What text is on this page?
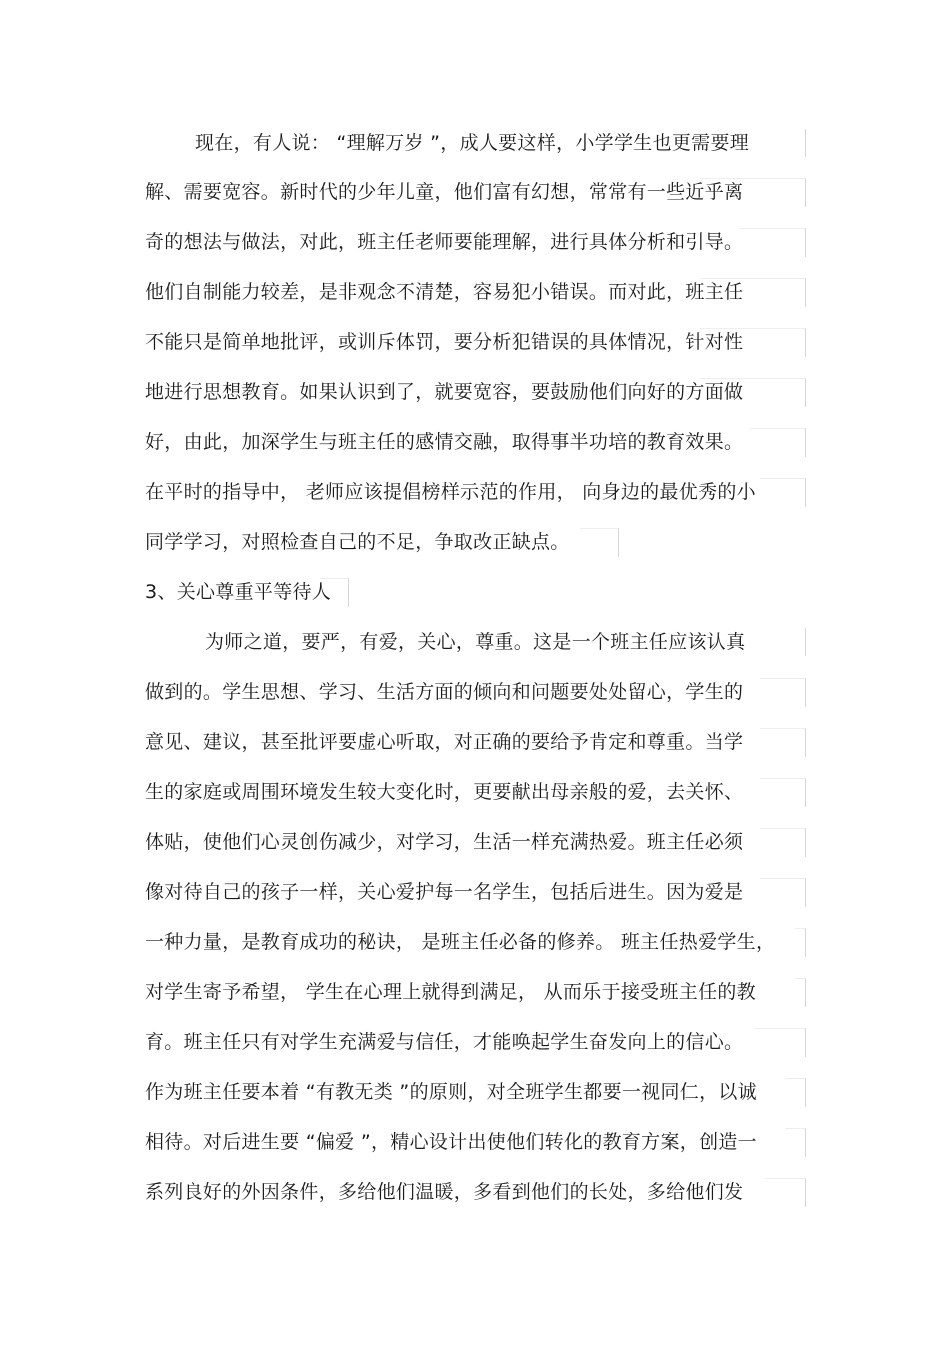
现在，有人说： “理解万岁 ”，成人要这样，小学学生也更需要理
解、需要宽容。新时代的少年儿童，他们富有幻想，常常有一些近乎离
奇的想法与做法，对此，班主任老师要能理解，进行具体分析和引导。
他们自制能力较差，是非观念不清楚，容易犯小错误。而对此，班主任
不能只是简单地批评，或训斥体罚，要分析犯错误的具体情况，针对性
地进行思想教育。如果认识到了，就要宽容，要鼓励他们向好的方面做
好，由此，加深学生与班主任的感情交融，取得事半功培的教育效果。
在平时的指导中， 老师应该提倡榜样示范的作用， 向身边的最优秀的小
同学学习，对照检查自己的不足，争取改正缺点。
3、关心尊重平等待人
为师之道，要严，有爱，关心，尊重。这是一个班主任应该认真
做到的。学生思想、学习、生活方面的倾向和问题要处处留心，学生的
意见、建议，甚至批评要虚心听取，对正确的要给予肯定和尊重。当学
生的家庭或周围环境发生较大变化时，更要献出母亲般的爱，去关怀、
体贴，使他们心灵创伤减少，对学习，生活一样充满热爱。班主任必须
像对待自己的孩子一样，关心爱护每一名学生，包括后进生。因为爱是
一种力量，是教育成功的秘诀， 是班主任必备的修养。 班主任热爱学生，
对学生寄予希望， 学生在心理上就得到满足， 从而乐于接受班主任的教
育。班主任只有对学生充满爱与信任，才能唤起学生奋发向上的信心。
作为班主任要本着 “有教无类 ”的原则，对全班学生都要一视同仁，以诚
相待。对后进生要 “偏爱 ”，精心设计出使他们转化的教育方案，创造一
系列良好的外因条件，多给他们温暖，多看到他们的长处，多给他们发
